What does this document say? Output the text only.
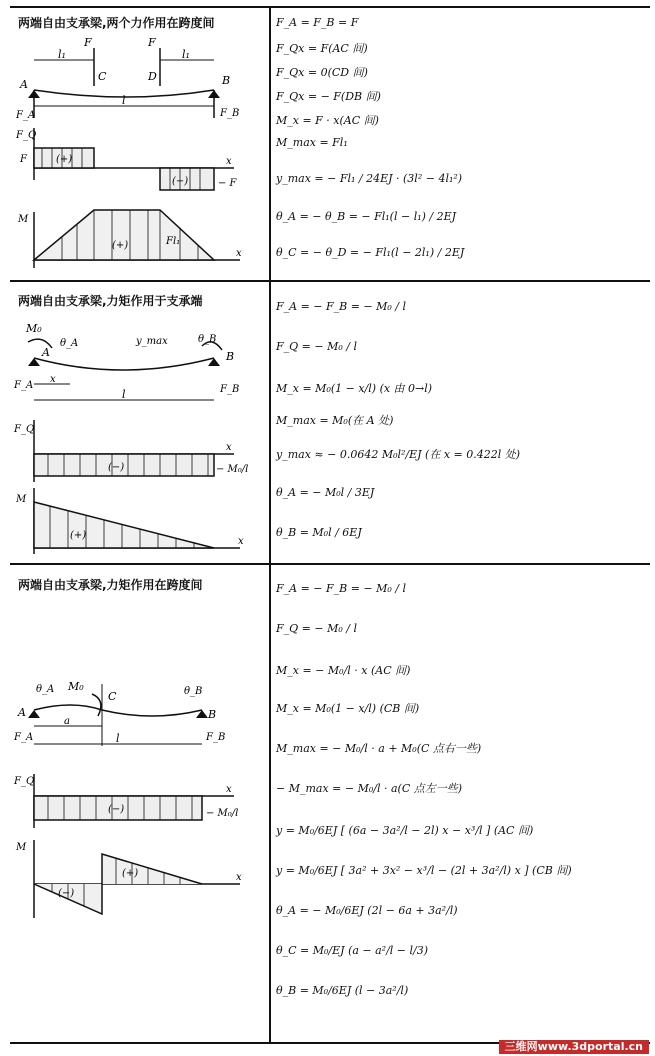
两端自由支承梁,两个力作用在跨度间
F	F
l₁	l₁
C	D
A	B
l
F_A	F_B
F_Q
F	(+)
(−)	− F
x
M
(+)	Fl₁
x
F_A = F_B = F
F_Qx = F(AC 间)
F_Qx = 0(CD 间)
F_Qx = − F(DB 间)
M_x = F · x(AC 间)
M_max = Fl₁
y_max = − Fl₁ / 24EJ · (3l² − 4l₁²)
θ_A = − θ_B = − Fl₁(l − l₁) / 2EJ
θ_C = − θ_D = − Fl₁(l − 2l₁) / 2EJ
两端自由支承梁,力矩作用于支承端
M₀
A
θ_A	y_max	θ_B
B
x
l
F_A	F_B
F_Q
x
(−)	− M₀/l
M
(+)
x
F_A = − F_B = − M₀ / l
F_Q = − M₀ / l
M_x = M₀(1 − x/l) (x 由 0→l)
M_max = M₀(在 A 处)
y_max ≈ − 0.0642 M₀l²/EJ (在 x = 0.422l 处)
θ_A = − M₀l / 3EJ
θ_B = M₀l / 6EJ
两端自由支承梁,力矩作用在跨度间
θ_A M₀
C	θ_B
A	B
a
l
F_A	F_B
F_Q
x
(−)	− M₀/l
M
(+)
(−)
x
F_A = − F_B = − M₀ / l
F_Q = − M₀ / l
M_x = − M₀/l · x (AC 间)
M_x = M₀(1 − x/l) (CB 间)
M_max = − M₀/l · a + M₀(C 点右一些)
− M_max = − M₀/l · a(C 点左一些)
y = M₀/6EJ [ (6a − 3a²/l − 2l) x − x³/l ] (AC 间)
y = M₀/6EJ [ 3a² + 3x² − x³/l − (2l + 3a²/l) x ] (CB 间)
θ_A = − M₀/6EJ (2l − 6a + 3a²/l)
θ_C = M₀/EJ (a − a²/l − l/3)
θ_B = M₀/6EJ (l − 3a²/l)
三维网www.3dportal.cn
